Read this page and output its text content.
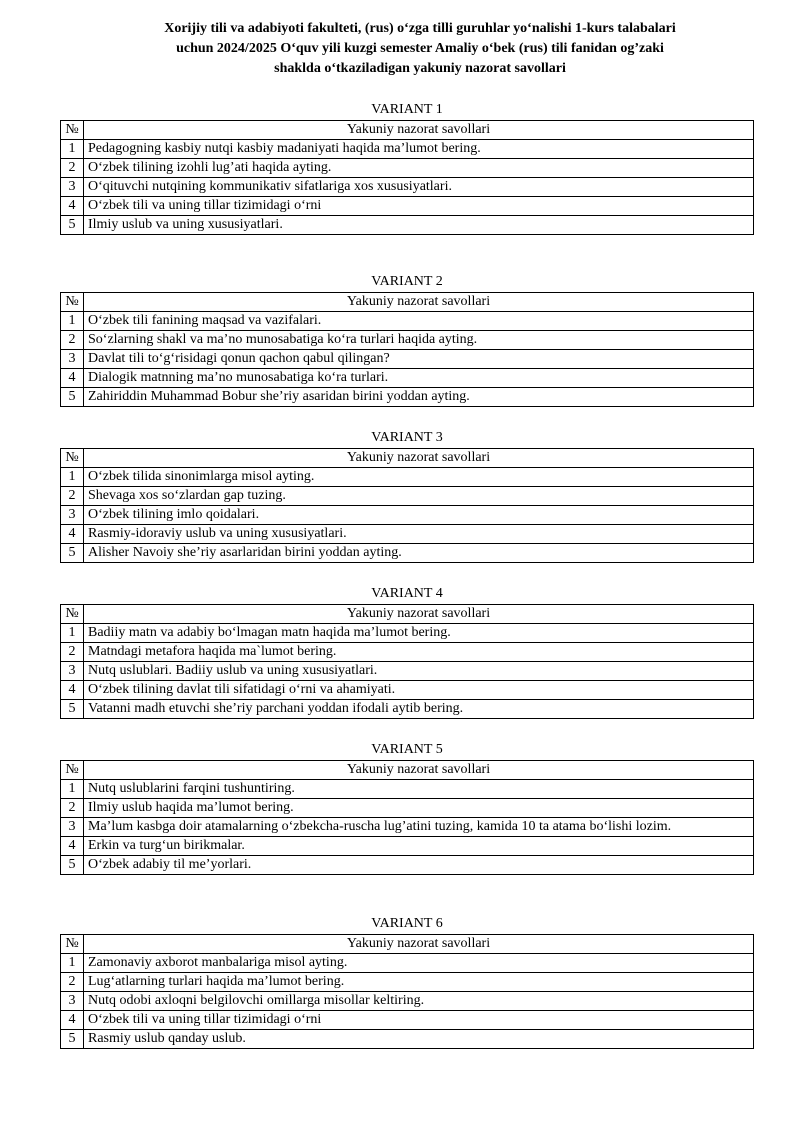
Xorijiy tili va adabiyoti fakulteti, (rus) o‘zga tilli guruhlar yo‘nalishi 1-kurs talabalari
uchun 2024/2025 O‘quv yili kuzgi semester Amaliy o‘bek (rus) tili fanidan og’zaki
shaklda o‘tkaziladigan yakuniy nazorat savollari
VARIANT 1
№	Yakuniy nazorat savollari
1	Pedagogning kasbiy nutqi kasbiy madaniyati haqida ma’lumot bering.
2	O‘zbek tilining izohli lug’ati haqida ayting.
3	O‘qituvchi nutqining kommunikativ sifatlariga xos xususiyatlari.
4	O‘zbek tili va uning tillar tizimidagi o‘rni
5	Ilmiy uslub va uning xususiyatlari.
VARIANT 2
№	Yakuniy nazorat savollari
1	O‘zbek tili fanining maqsad va vazifalari.
2	So‘zlarning shakl va ma’no munosabatiga ko‘ra turlari haqida ayting.
3	Davlat tili to‘g‘risidagi qonun qachon qabul qilingan?
4	Dialogik matnning ma’no munosabatiga ko‘ra turlari.
5	Zahiriddin Muhammad Bobur she’riy asaridan birini yoddan ayting.
VARIANT 3
№	Yakuniy nazorat savollari
1	O‘zbek tilida sinonimlarga misol ayting.
2	Shevaga xos so‘zlardan gap tuzing.
3	O‘zbek tilining imlo qoidalari.
4	Rasmiy-idoraviy uslub va uning xususiyatlari.
5	Alisher Navoiy she’riy asarlaridan birini yoddan ayting.
VARIANT 4
№	Yakuniy nazorat savollari
1	Badiiy matn va adabiy bo‘lmagan matn haqida ma’lumot bering.
2	Matndagi metafora haqida ma`lumot bering.
3	Nutq uslublari. Badiiy uslub va uning xususiyatlari.
4	O‘zbek tilining davlat tili sifatidagi o‘rni va ahamiyati.
5	Vatanni madh etuvchi she’riy parchani yoddan ifodali aytib bering.
VARIANT 5
№	Yakuniy nazorat savollari
1	Nutq uslublarini farqini tushuntiring.
2	Ilmiy uslub haqida ma’lumot bering.
3	Ma’lum kasbga doir atamalarning o‘zbekcha-ruscha lug’atini tuzing, kamida 10 ta atama bo‘lishi lozim.
4	Erkin va turg‘un birikmalar.
5	O‘zbek adabiy til me’yorlari.
VARIANT 6
№	Yakuniy nazorat savollari
1	Zamonaviy axborot manbalariga misol ayting.
2	Lug‘atlarning turlari haqida ma’lumot bering.
3	Nutq odobi axloqni belgilovchi omillarga misollar keltiring.
4	O‘zbek tili va uning tillar tizimidagi o‘rni
5	Rasmiy uslub qanday uslub.
